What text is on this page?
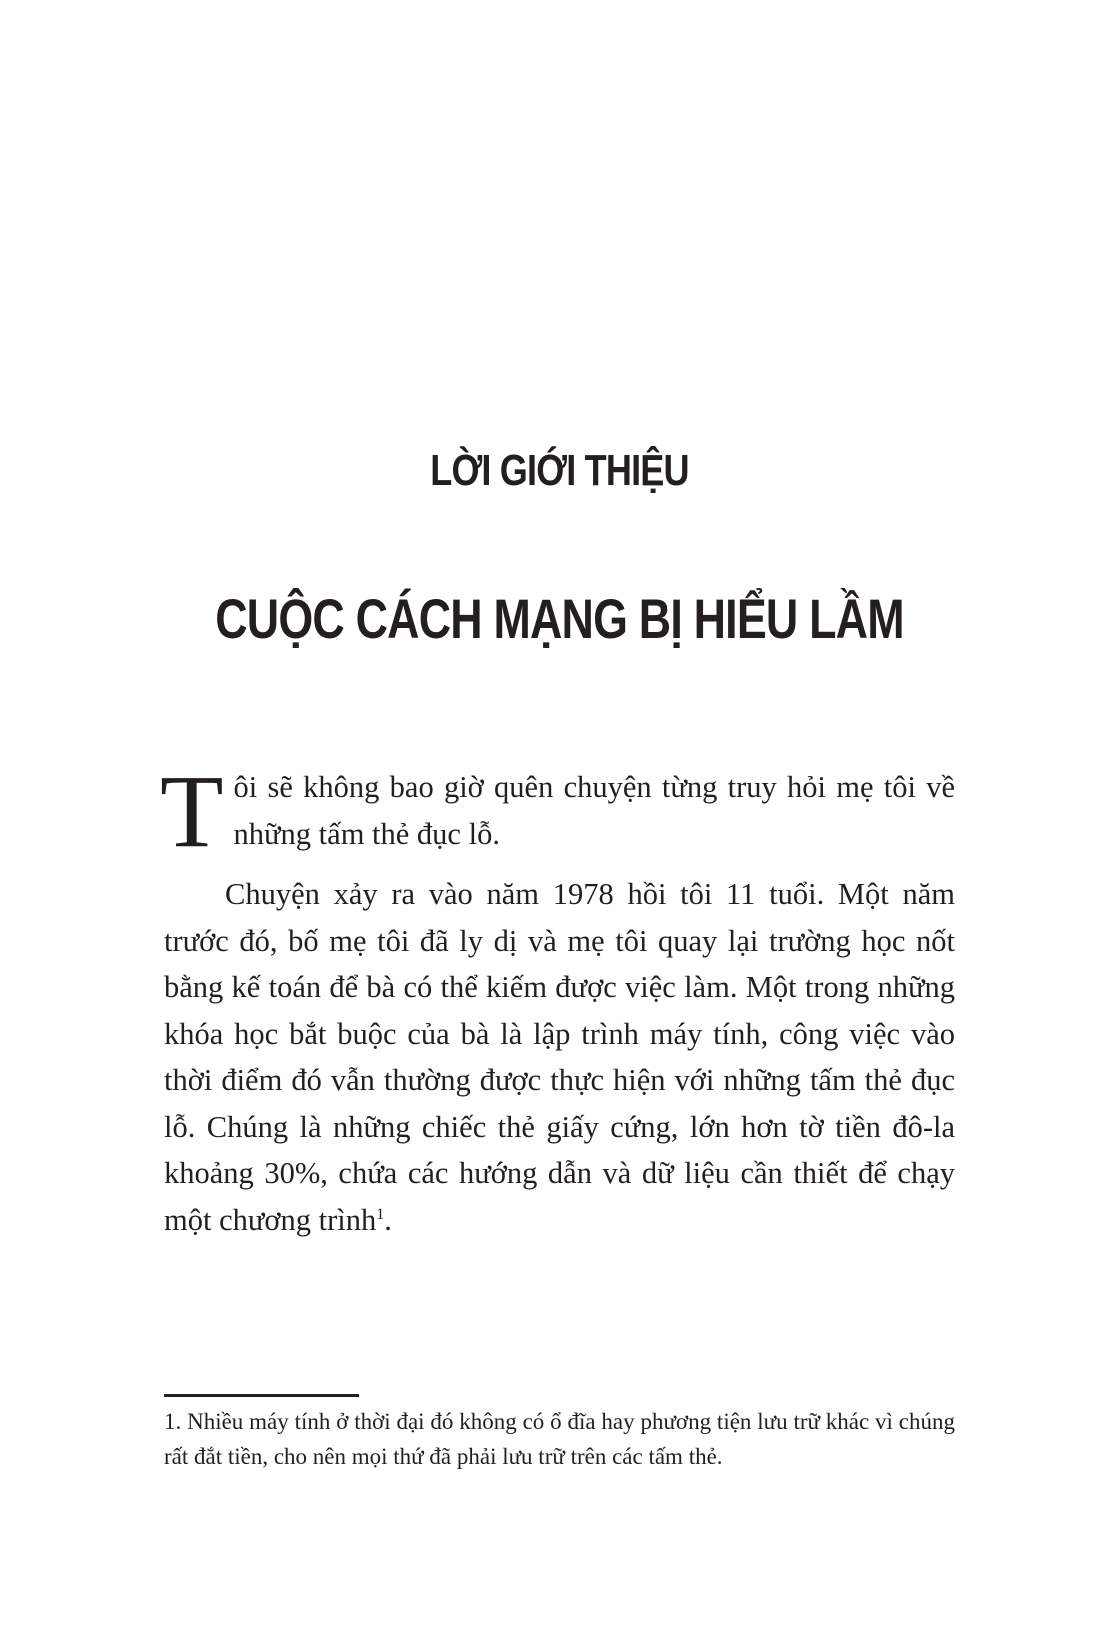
LỜI GIỚI THIỆU
CUỘC CÁCH MẠNG BỊ HIỂU LẦM

Tôi sẽ không bao giờ quên chuyện từng truy hỏi mẹ tôi về những tấm thẻ đục lỗ.

Chuyện xảy ra vào năm 1978 hồi tôi 11 tuổi. Một năm trước đó, bố mẹ tôi đã ly dị và mẹ tôi quay lại trường học nốt bằng kế toán để bà có thể kiếm được việc làm. Một trong những khóa học bắt buộc của bà là lập trình máy tính, công việc vào thời điểm đó vẫn thường được thực hiện với những tấm thẻ đục lỗ. Chúng là những chiếc thẻ giấy cứng, lớn hơn tờ tiền đô-la khoảng 30%, chứa các hướng dẫn và dữ liệu cần thiết để chạy một chương trình$^1$.

1. Nhiều máy tính ở thời đại đó không có ổ đĩa hay phương tiện lưu trữ khác vì chúng rất đắt tiền, cho nên mọi thứ đã phải lưu trữ trên các tấm thẻ.
